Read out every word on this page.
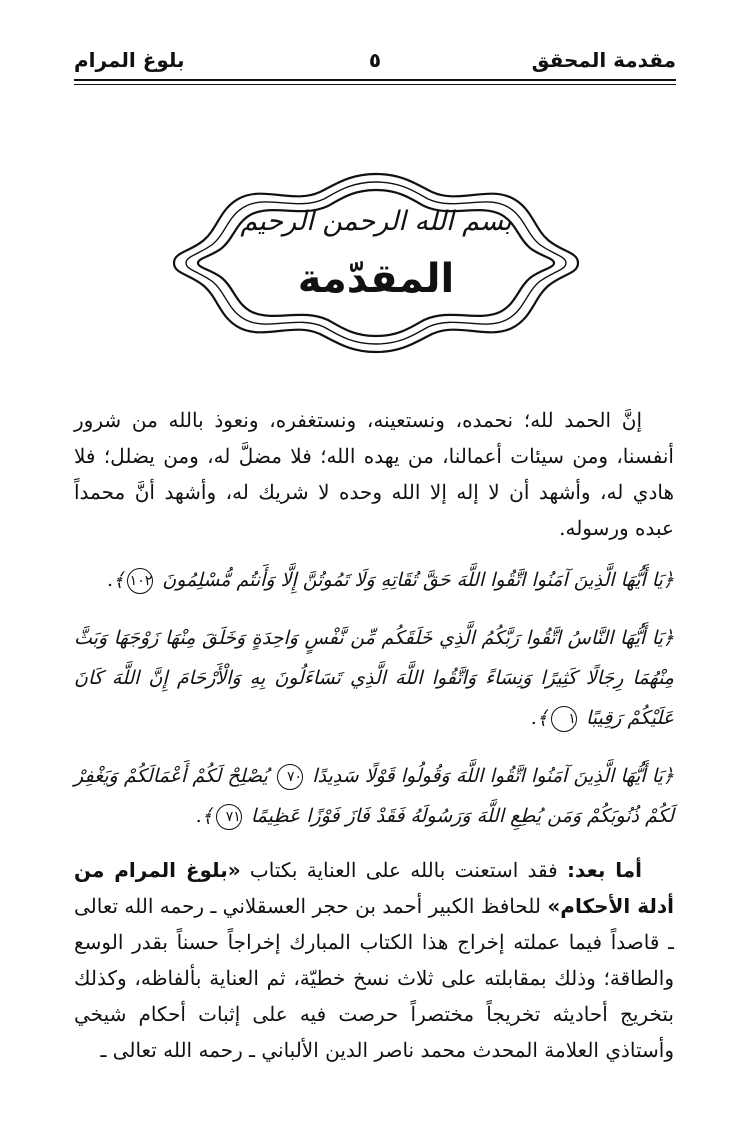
مقدمة المحقق
٥
بلوغ المرام
بسم الله الرحمن الرحيم
المقدّمة

إنَّ الحمد لله؛ نحمده، ونستعينه، ونستغفره، ونعوذ بالله من شرور أنفسنا، ومن سيئات أعمالنا، من يهده الله؛ فلا مضلَّ له، ومن يضلل؛ فلا هادي له، وأشهد أن لا إله إلا الله وحده لا شريك له، وأشهد أنَّ محمداً عبده ورسوله.

﴿يَا أَيُّهَا الَّذِينَ آمَنُوا اتَّقُوا اللَّهَ حَقَّ تُقَاتِهِ وَلَا تَمُوتُنَّ إِلَّا وَأَنتُم مُّسْلِمُونَ ١٠٢﴾.

﴿يَا أَيُّهَا النَّاسُ اتَّقُوا رَبَّكُمُ الَّذِي خَلَقَكُم مِّن نَّفْسٍ وَاحِدَةٍ وَخَلَقَ مِنْهَا زَوْجَهَا وَبَثَّ مِنْهُمَا رِجَالًا كَثِيرًا وَنِسَاءً وَاتَّقُوا اللَّهَ الَّذِي تَسَاءَلُونَ بِهِ وَالْأَرْحَامَ إِنَّ اللَّهَ كَانَ عَلَيْكُمْ رَقِيبًا ١﴾.

﴿يَا أَيُّهَا الَّذِينَ آمَنُوا اتَّقُوا اللَّهَ وَقُولُوا قَوْلًا سَدِيدًا ٧٠ يُصْلِحْ لَكُمْ أَعْمَالَكُمْ وَيَغْفِرْ لَكُمْ ذُنُوبَكُمْ وَمَن يُطِعِ اللَّهَ وَرَسُولَهُ فَقَدْ فَازَ فَوْزًا عَظِيمًا ٧١﴾.

أما بعد: فقد استعنت بالله على العناية بكتاب «بلوغ المرام من أدلة الأحكام» للحافظ الكبير أحمد بن حجر العسقلاني ـ رحمه الله تعالى ـ قاصداً فيما عملته إخراج هذا الكتاب المبارك إخراجاً حسناً بقدر الوسع والطاقة؛ وذلك بمقابلته على ثلاث نسخ خطيّة، ثم العناية بألفاظه، وكذلك بتخريج أحاديثه تخريجاً مختصراً حرصت فيه على إثبات أحكام شيخي وأستاذي العلامة المحدث محمد ناصر الدين الألباني ـ رحمه الله تعالى ـ
